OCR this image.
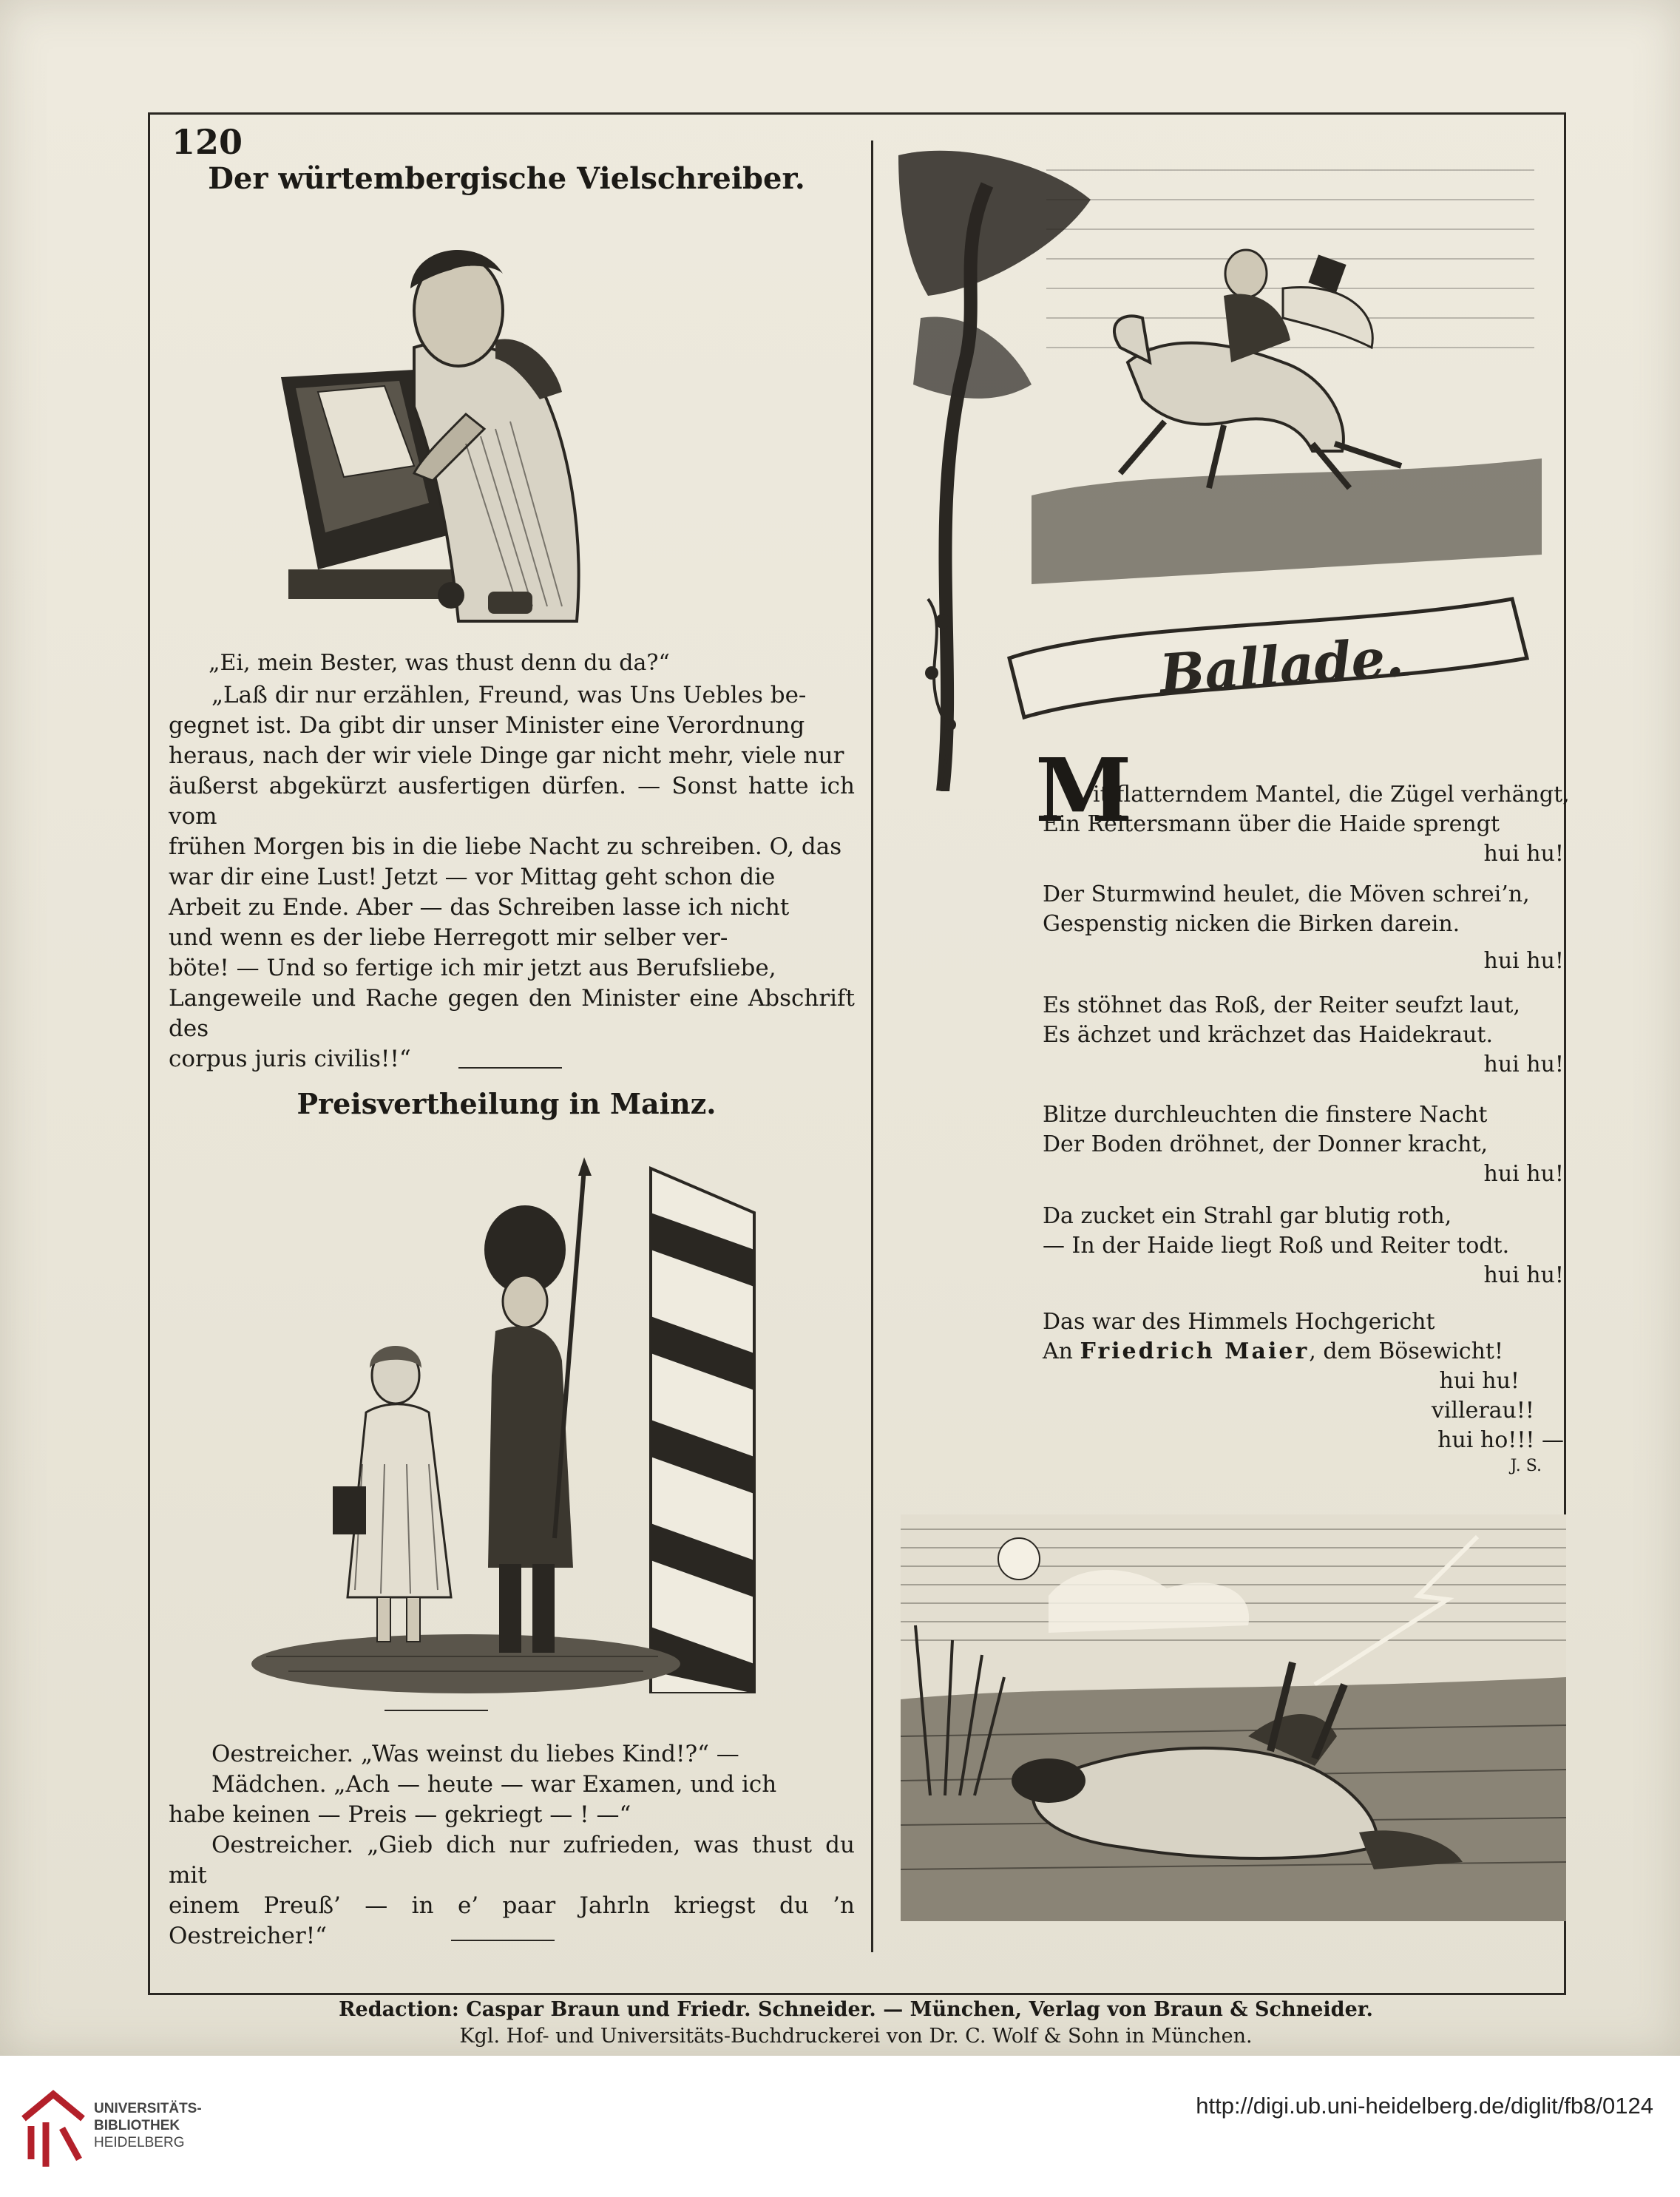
120
Der würtembergische Vielschreiber.
„Ei, mein Bester, was thust denn du da?“
„Laß dir nur erzählen, Freund, was Uns Uebles be-
gegnet ist. Da gibt dir unser Minister eine Verordnung
heraus, nach der wir viele Dinge gar nicht mehr, viele nur
äußerst abgekürzt ausfertigen dürfen. — Sonst hatte ich vom
frühen Morgen bis in die liebe Nacht zu schreiben. O, das
war dir eine Lust! Jetzt — vor Mittag geht schon die
Arbeit zu Ende. Aber — das Schreiben lasse ich nicht
und wenn es der liebe Herregott mir selber ver-
böte! — Und so fertige ich mir jetzt aus Berufsliebe,
Langeweile und Rache gegen den Minister eine Abschrift des
corpus juris civilis!!“
Preisvertheilung in Mainz.
Oestreicher. „Was weinst du liebes Kind!?“ —
Mädchen. „Ach — heute — war Examen, und ich
habe keinen — Preis — gekriegt — ! —“
Oestreicher. „Gieb dich nur zufrieden, was thust du mit
einem Preuß’ — in e’ paar Jahrln kriegst du ’n Oestreicher!“
Ballade.
M
it flatterndem Mantel, die Zügel verhängt,
Ein Reitersmann über die Haide sprengt
hui hu!
Der Sturmwind heulet, die Möven schrei’n,
Gespenstig nicken die Birken darein.
hui hu!
Es stöhnet das Roß, der Reiter seufzt laut,
Es ächzet und krächzet das Haidekraut.
hui hu!
Blitze durchleuchten die finstere Nacht
Der Boden dröhnet, der Donner kracht,
hui hu!
Da zucket ein Strahl gar blutig roth,
— In der Haide liegt Roß und Reiter todt.
hui hu!
Das war des Himmels Hochgericht
An Friedrich Maier, dem Bösewicht!
hui hu!
villerau!!
hui ho!!! —
J. S.
Redaction: Caspar Braun und Friedr. Schneider. — München, Verlag von Braun & Schneider.
Kgl. Hof- und Universitäts-Buchdruckerei von Dr. C. Wolf & Sohn in München.
UNIVERSITÄTS-
BIBLIOTHEK
HEIDELBERG
http://digi.ub.uni-heidelberg.de/diglit/fb8/0124
